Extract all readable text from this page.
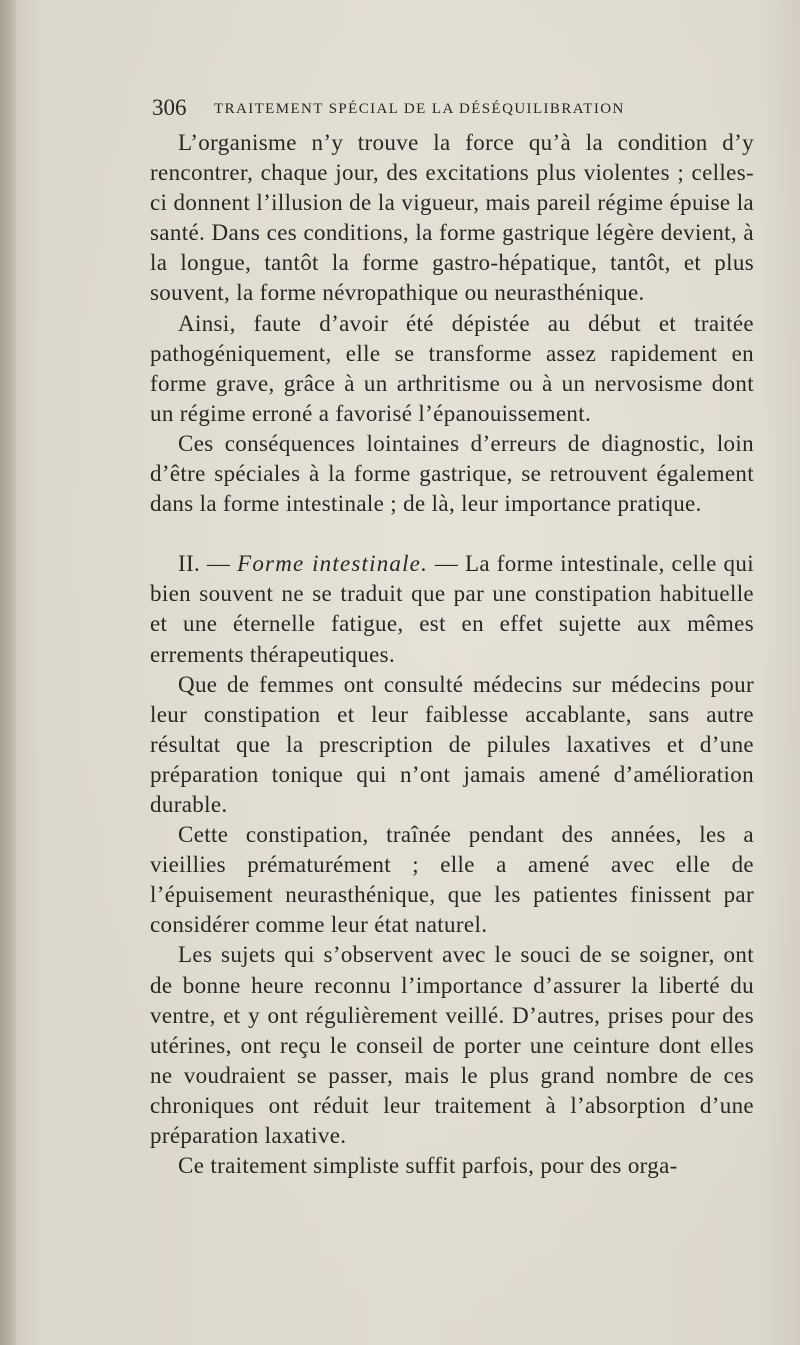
306 TRAITEMENT SPÉCIAL DE LA DÉSÉQUILIBRATION

L’organisme n’y trouve la force qu’à la condition d’y rencontrer, chaque jour, des excitations plus violentes ; celles-ci donnent l’illusion de la vigueur, mais pareil régime épuise la santé. Dans ces conditions, la forme gastrique légère devient, à la longue, tantôt la forme gastro-hépatique, tantôt, et plus souvent, la forme névropathique ou neurasthénique.

Ainsi, faute d’avoir été dépistée au début et traitée pathogéniquement, elle se transforme assez rapidement en forme grave, grâce à un arthritisme ou à un nervosisme dont un régime erroné a favorisé l’épanouissement.

Ces conséquences lointaines d’erreurs de diagnostic, loin d’être spéciales à la forme gastrique, se retrouvent également dans la forme intestinale ; de là, leur importance pratique.

II. — Forme intestinale. — La forme intestinale, celle qui bien souvent ne se traduit que par une constipation habituelle et une éternelle fatigue, est en effet sujette aux mêmes errements thérapeutiques.

Que de femmes ont consulté médecins sur médecins pour leur constipation et leur faiblesse accablante, sans autre résultat que la prescription de pilules laxatives et d’une préparation tonique qui n’ont jamais amené d’amélioration durable.

Cette constipation, traînée pendant des années, les a vieillies prématurément ; elle a amené avec elle de l’épuisement neurasthénique, que les patientes finissent par considérer comme leur état naturel.

Les sujets qui s’observent avec le souci de se soigner, ont de bonne heure reconnu l’importance d’assurer la liberté du ventre, et y ont régulièrement veillé. D’autres, prises pour des utérines, ont reçu le conseil de porter une ceinture dont elles ne voudraient se passer, mais le plus grand nombre de ces chroniques ont réduit leur traitement à l’absorption d’une préparation laxative.

Ce traitement simpliste suffit parfois, pour des orga-
